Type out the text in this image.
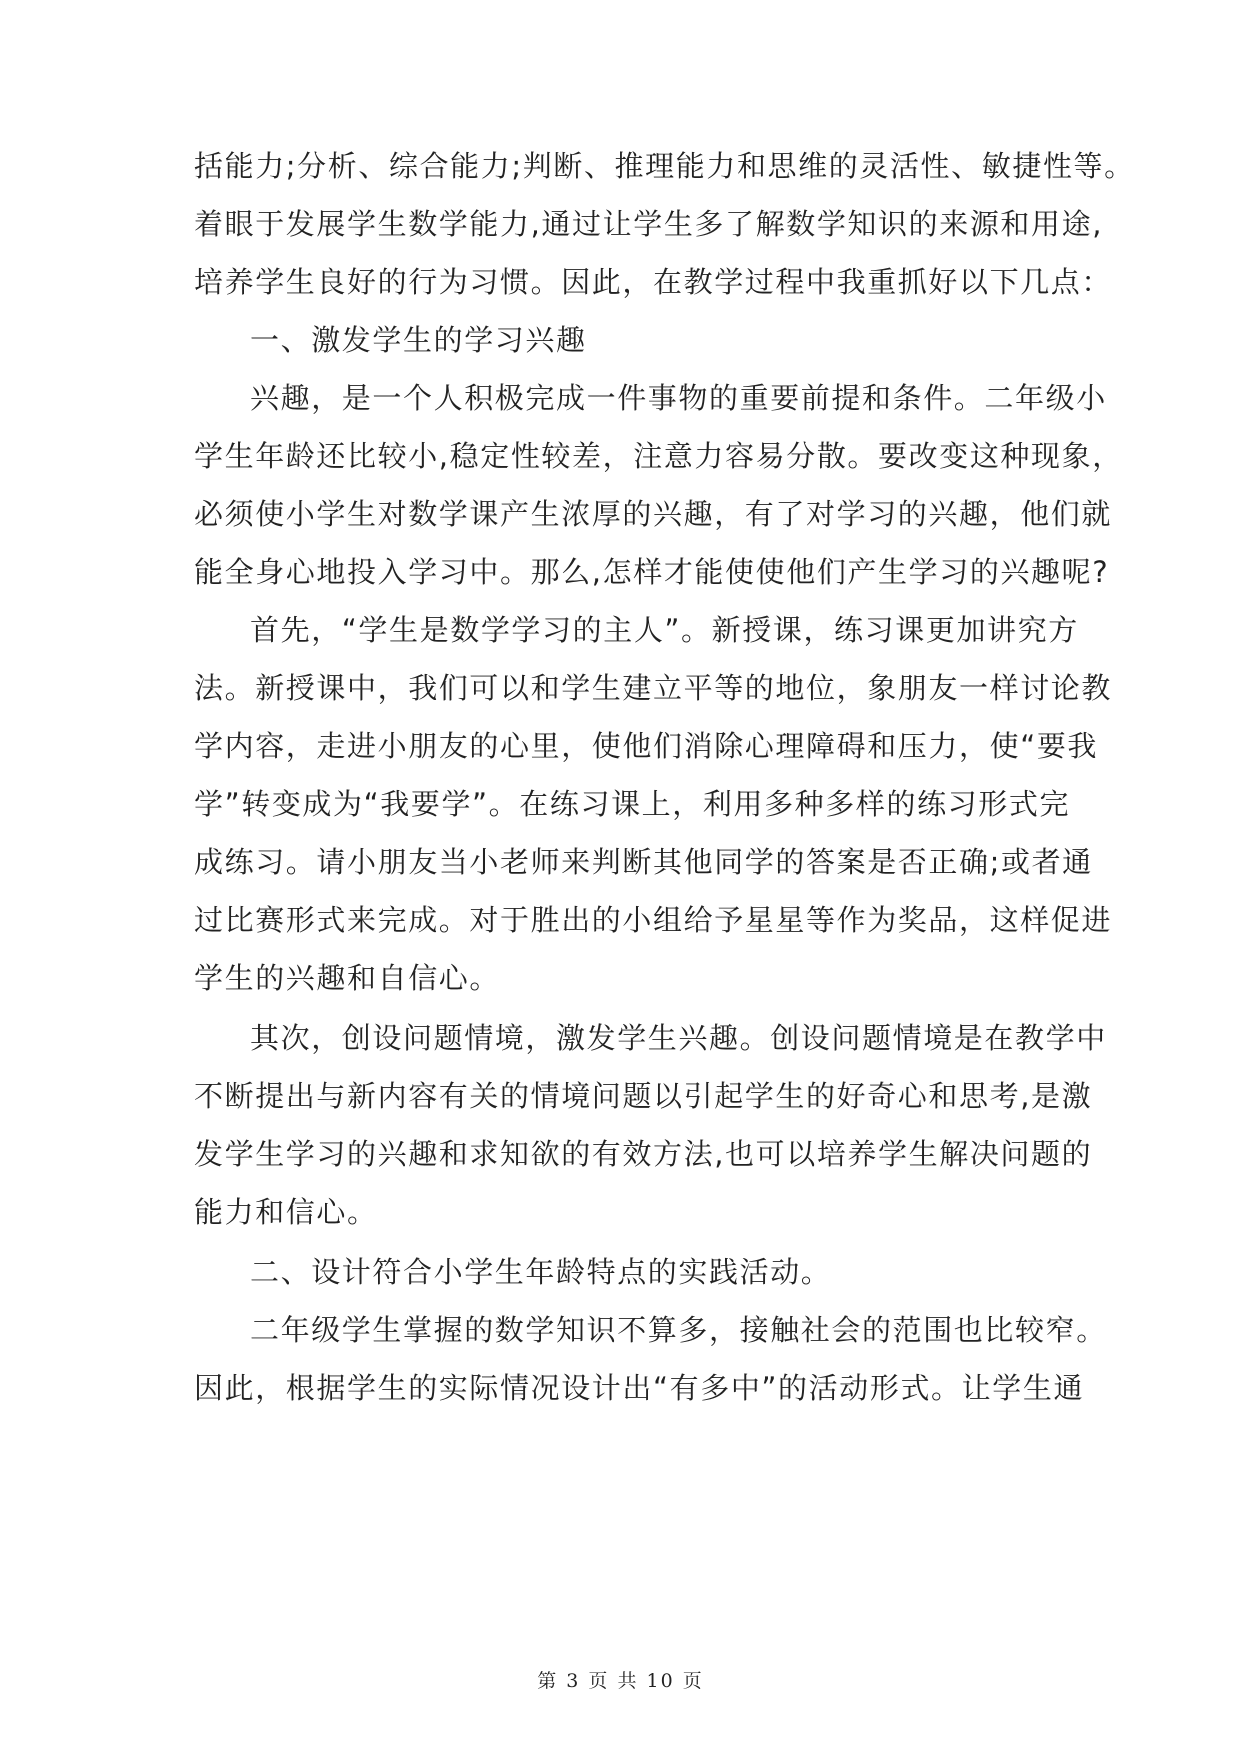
括能力;分析、综合能力;判断、推理能力和思维的灵活性、敏捷性等。
着眼于发展学生数学能力,通过让学生多了解数学知识的来源和用途,
培养学生良好的行为习惯。因此，在教学过程中我重抓好以下几点：
一、激发学生的学习兴趣
兴趣，是一个人积极完成一件事物的重要前提和条件。二年级小
学生年龄还比较小,稳定性较差，注意力容易分散。要改变这种现象，
必须使小学生对数学课产生浓厚的兴趣，有了对学习的兴趣，他们就
能全身心地投入学习中。那么,怎样才能使使他们产生学习的兴趣呢?
首先，“学生是数学学习的主人”。新授课，练习课更加讲究方
法。新授课中，我们可以和学生建立平等的地位，象朋友一样讨论教
学内容，走进小朋友的心里，使他们消除心理障碍和压力，使“要我
学”转变成为“我要学”。在练习课上，利用多种多样的练习形式完
成练习。请小朋友当小老师来判断其他同学的答案是否正确;或者通
过比赛形式来完成。对于胜出的小组给予星星等作为奖品，这样促进
学生的兴趣和自信心。
其次，创设问题情境，激发学生兴趣。创设问题情境是在教学中
不断提出与新内容有关的情境问题以引起学生的好奇心和思考,是激
发学生学习的兴趣和求知欲的有效方法,也可以培养学生解决问题的
能力和信心。
二、设计符合小学生年龄特点的实践活动。
二年级学生掌握的数学知识不算多，接触社会的范围也比较窄。
因此，根据学生的实际情况设计出“有多中”的活动形式。让学生通
第 3 页 共 10 页
